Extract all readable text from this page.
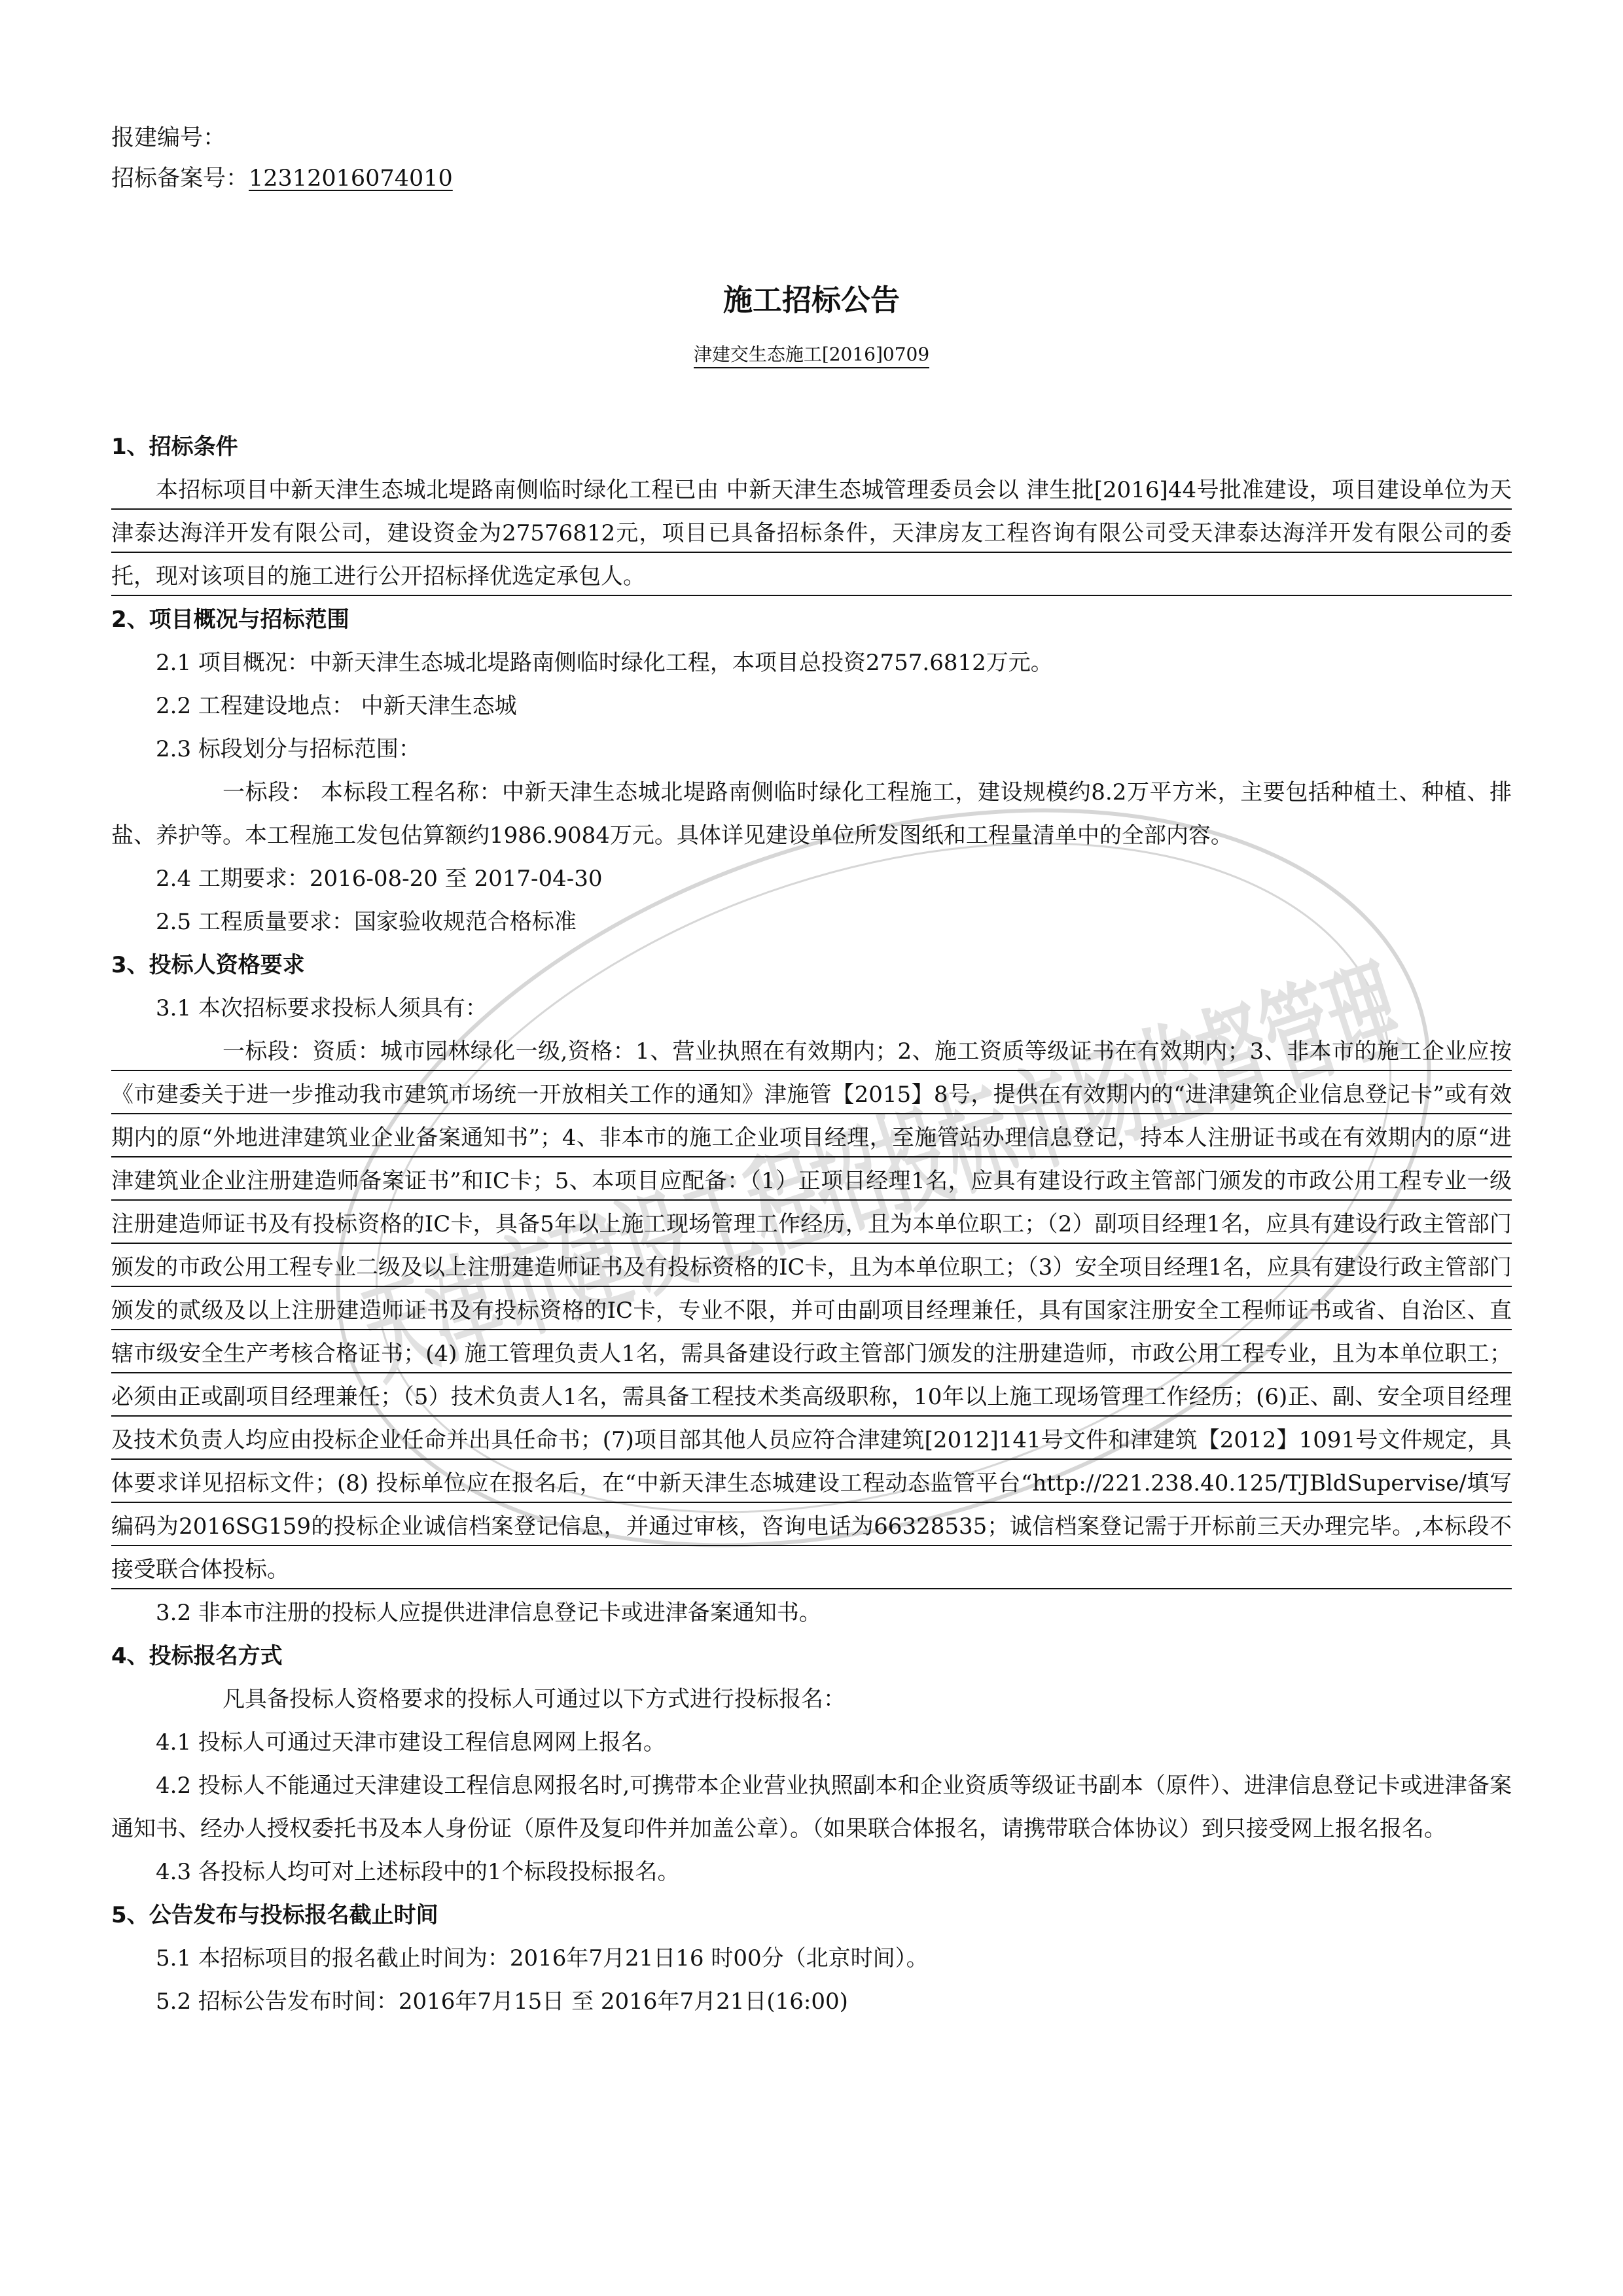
报建编号：
招标备案号：12312016074010
施工招标公告
津建交生态施工[2016]0709
1、招标条件
本招标项目中新天津生态城北堤路南侧临时绿化工程已由 中新天津生态城管理委员会以 津生批[2016]44号批准建设，项目建设单位为天津泰达海洋开发有限公司，建设资金为27576812元，项目已具备招标条件，天津房友工程咨询有限公司受天津泰达海洋开发有限公司的委托，现对该项目的施工进行公开招标择优选定承包人。
2、项目概况与招标范围
2.1 项目概况：中新天津生态城北堤路南侧临时绿化工程，本项目总投资2757.6812万元。
2.2 工程建设地点： 中新天津生态城
2.3 标段划分与招标范围：
一标段： 本标段工程名称：中新天津生态城北堤路南侧临时绿化工程施工，建设规模约8.2万平方米，主要包括种植土、种植、排盐、养护等。本工程施工发包估算额约1986.9084万元。具体详见建设单位所发图纸和工程量清单中的全部内容。
2.4 工期要求：2016-08-20 至 2017-04-30
2.5 工程质量要求：国家验收规范合格标准
3、投标人资格要求
3.1 本次招标要求投标人须具有：
一标段：资质：城市园林绿化一级,资格：1、营业执照在有效期内；2、施工资质等级证书在有效期内；3、非本市的施工企业应按《市建委关于进一步推动我市建筑市场统一开放相关工作的通知》津施管【2015】8号，提供在有效期内的“进津建筑企业信息登记卡”或有效期内的原“外地进津建筑业企业备案通知书”；4、非本市的施工企业项目经理，至施管站办理信息登记，持本人注册证书或在有效期内的原“进津建筑业企业注册建造师备案证书”和IC卡；5、本项目应配备：（1）正项目经理1名，应具有建设行政主管部门颁发的市政公用工程专业一级注册建造师证书及有投标资格的IC卡，具备5年以上施工现场管理工作经历，且为本单位职工；（2）副项目经理1名，应具有建设行政主管部门颁发的市政公用工程专业二级及以上注册建造师证书及有投标资格的IC卡，且为本单位职工；（3）安全项目经理1名，应具有建设行政主管部门颁发的贰级及以上注册建造师证书及有投标资格的IC卡，专业不限，并可由副项目经理兼任，具有国家注册安全工程师证书或省、自治区、直辖市级安全生产考核合格证书；(4) 施工管理负责人1名，需具备建设行政主管部门颁发的注册建造师，市政公用工程专业，且为本单位职工；必须由正或副项目经理兼任；（5）技术负责人1名，需具备工程技术类高级职称，10年以上施工现场管理工作经历；(6)正、副、安全项目经理及技术负责人均应由投标企业任命并出具任命书；(7)项目部其他人员应符合津建筑[2012]141号文件和津建筑【2012】1091号文件规定，具体要求详见招标文件；(8) 投标单位应在报名后，在“中新天津生态城建设工程动态监管平台“http://221.238.40.125/TJBldSupervise/填写编码为2016SG159的投标企业诚信档案登记信息，并通过审核，咨询电话为66328535；诚信档案登记需于开标前三天办理完毕。,本标段不接受联合体投标。
3.2 非本市注册的投标人应提供进津信息登记卡或进津备案通知书。
4、投标报名方式
凡具备投标人资格要求的投标人可通过以下方式进行投标报名：
4.1 投标人可通过天津市建设工程信息网网上报名。
4.2 投标人不能通过天津建设工程信息网报名时,可携带本企业营业执照副本和企业资质等级证书副本（原件）、进津信息登记卡或进津备案通知书、经办人授权委托书及本人身份证（原件及复印件并加盖公章）。（如果联合体报名，请携带联合体协议）到只接受网上报名报名。
4.3 各投标人均可对上述标段中的1个标段投标报名。
5、公告发布与投标报名截止时间
5.1 本招标项目的报名截止时间为：2016年7月21日16 时00分（北京时间）。
5.2 招标公告发布时间：2016年7月15日 至 2016年7月21日(16:00)
